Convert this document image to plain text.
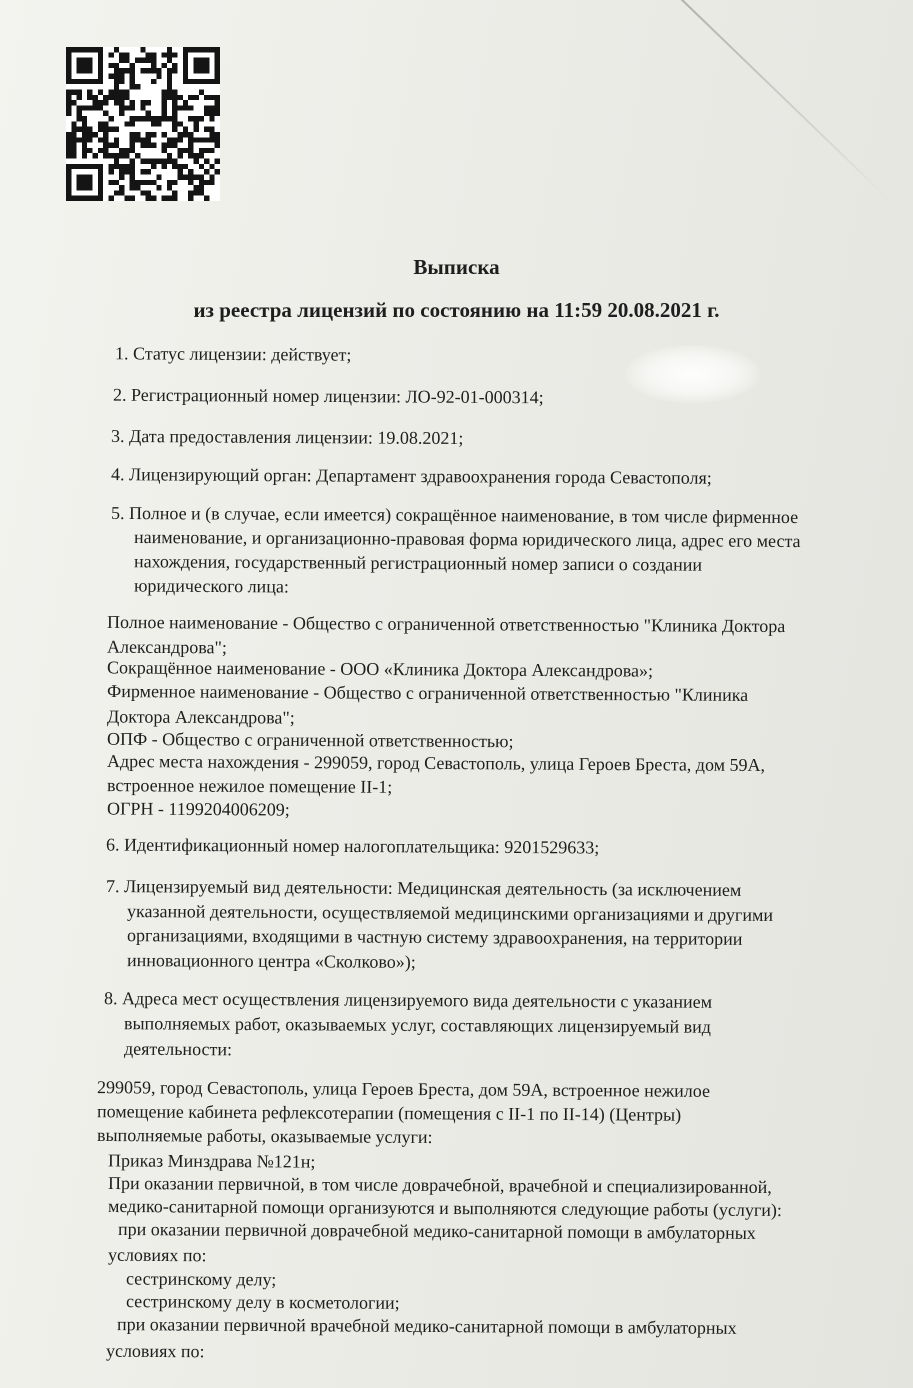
Выписка
из реестра лицензий по состоянию на 11:59 20.08.2021 г.
1. Статус лицензии: действует;
2. Регистрационный номер лицензии: ЛО-92-01-000314;
3. Дата предоставления лицензии: 19.08.2021;
4. Лицензирующий орган: Департамент здравоохранения города Севастополя;
5. Полное и (в случае, если имеется) сокращённое наименование, в том числе фирменное
наименование, и организационно-правовая форма юридического лица, адрес его места
нахождения, государственный регистрационный номер записи о создании
юридического лица:
Полное наименование - Общество с ограниченной ответственностью "Клиника Доктора
Александрова";
Сокращённое наименование - ООО «Клиника Доктора Александрова»;
Фирменное наименование - Общество с ограниченной ответственностью "Клиника
Доктора Александрова";
ОПФ - Общество с ограниченной ответственностью;
Адрес места нахождения - 299059, город Севастополь, улица Героев Бреста, дом 59А,
встроенное нежилое помещение II-1;
ОГРН - 1199204006209;
6. Идентификационный номер налогоплательщика: 9201529633;
7. Лицензируемый вид деятельности: Медицинская деятельность (за исключением
указанной деятельности, осуществляемой медицинскими организациями и другими
организациями, входящими в частную систему здравоохранения, на территории
инновационного центра «Сколково»);
8. Адреса мест осуществления лицензируемого вида деятельности с указанием
выполняемых работ, оказываемых услуг, составляющих лицензируемый вид
деятельности:
299059, город Севастополь, улица Героев Бреста, дом 59А, встроенное нежилое
помещение кабинета рефлексотерапии (помещения с II-1 по II-14) (Центры)
выполняемые работы, оказываемые услуги:
Приказ Минздрава №121н;
При оказании первичной, в том числе доврачебной, врачебной и специализированной,
медико-санитарной помощи организуются и выполняются следующие работы (услуги):
при оказании первичной доврачебной медико-санитарной помощи в амбулаторных
условиях по:
сестринскому делу;
сестринскому делу в косметологии;
при оказании первичной врачебной медико-санитарной помощи в амбулаторных
условиях по:
